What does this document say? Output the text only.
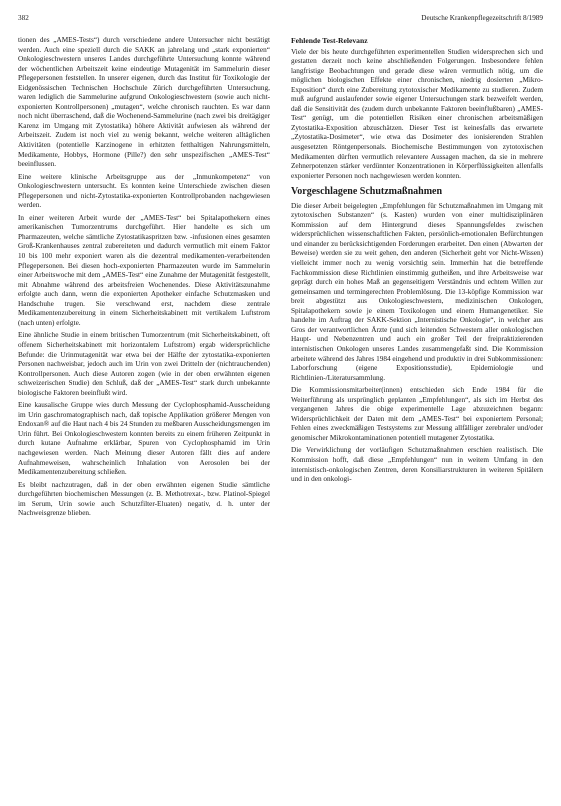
382	Deutsche Krankenpflegezeitschrift 8/1989

tionen des „AMES-Tests“) durch verschiedene andere Untersucher nicht bestätigt werden. Auch eine speziell durch die SAKK an jahrelang und „stark exponierten“ Onkologieschwestern unseres Landes durchgeführte Untersuchung konnte während der wöchentlichen Arbeitszeit keine eindeutige Mutagenität im Sammelurin dieser Pflegepersonen feststellen. In unserer eigenen, durch das Institut für Toxikologie der Eidgenössischen Technischen Hochschule Zürich durchgeführten Untersuchung, waren lediglich die Sammelurine aufgrund Onkologieschwestern (sowie auch nicht-exponierten Kontrollpersonen) „mutagen“, welche chronisch rauchten. Es war dann noch nicht überraschend, daß die Wochenend-Sammelurine (nach zwei bis dreitägiger Karenz im Umgang mit Zytostatika) höhere Aktivität aufwiesen als während der Arbeitszeit. Zudem ist noch viel zu wenig bekannt, welche weiteren alltäglichen Aktivitäten (potentielle Karzinogene in erhitzten fetthaltigen Nahrungsmitteln, Medikamente, Hobbys, Hormone (Pille?) den sehr unspezifischen „AMES-Test“ beeinflussen.

Eine weitere klinische Arbeitsgruppe aus der „Inmunkompetenz“ von Onkologieschwestern untersucht. Es konnten keine Unterschiede zwischen diesen Pflegepersonen und nicht-Zytostatika-exponierten Kontrollprobanden nachgewiesen werden.

In einer weiteren Arbeit wurde der „AMES-Test“ bei Spitalapothekern eines amerikanischen Tumorzentrums durchgeführt. Hier handelte es sich um Pharmazeuten, welche sämtliche Zytostatikaspritzen bzw. -infusionen eines gesamten Groß-Krankenhauses zentral zubereiteten und dadurch vermutlich mit einem Faktor 10 bis 100 mehr exponiert waren als die dezentral medikamenten-verarbeitenden Pflegepersonen. Bei diesen hoch-exponierten Pharmazeuten wurde im Sammelurin einer Arbeitswoche mit dem „AMES-Test“ eine Zunahme der Mutagenität festgestellt, mit Abnahme während des arbeitsfreien Wochenendes. Diese Aktivitätszunahme erfolgte auch dann, wenn die exponierten Apotheker einfache Schutzmasken und Handschuhe trugen. Sie verschwand erst, nachdem diese zentrale Medikamentenzubereitung in einem Sicherheitskabinett mit vertikalem Luftstrom (nach unten) erfolgte.

Eine ähnliche Studie in einem britischen Tumorzentrum (mit Sicherheitskabinett, oft offenem Sicherheitskabinett mit horizontalem Luftstrom) ergab widersprüchliche Befunde: die Urinmutagenität war etwa bei der Hälfte der zytostatika-exponierten Personen nachweisbar, jedoch auch im Urin von zwei Dritteln der (nichtrauchenden) Kontrollpersonen. Auch diese Autoren zogen (wie in der oben erwähnten eigenen schweizerischen Studie) den Schluß, daß der „AMES-Test“ stark durch unbekannte biologische Faktoren beeinflußt wird.

Eine kausalische Gruppe wies durch Messung der Cyclophosphamid-Ausscheidung im Urin gaschromatographisch nach, daß topische Applikation größerer Mengen von Endoxan® auf die Haut nach 4 bis 24 Stunden zu meßbaren Ausscheidungsmengen im Urin führt. Bei Onkologieschwestern konnten bereits zu einem früheren Zeitpunkt in durch kutane Aufnahme erklärbar, Spuren von Cyclophosphamid im Urin nachgewiesen werden. Nach Meinung dieser Autoren fällt dies auf andere Aufnahmeweisen, wahrscheinlich Inhalation von Aerosolen bei der Medikamentenzubereitung schließen.

Es bleibt nachzutragen, daß in der oben erwähnten eigenen Studie sämtliche durchgeführten biochemischen Messungen (z. B. Methotrexat-, bzw. Platinol-Spiegel im Serum, Urin sowie auch Schutzfilter-Eluaten) negativ, d. h. unter der Nachweisgrenze blieben.

Fehlende Test-Relevanz

Viele der bis heute durchgeführten experimentellen Studien widersprechen sich und gestatten derzeit noch keine abschließenden Folgerungen. Insbesondere fehlen langfristige Beobachtungen und gerade diese wären vermutlich nötig, um die möglichen biologischen Effekte einer chronischen, niedrig dosierten „Mikro-Exposition“ durch eine Zubereitung zytotoxischer Medikamente zu studieren. Zudem muß aufgrund auslaufender sowie eigener Untersuchungen stark bezweifelt werden, daß die Sensitivität des (zudem durch unbekannte Faktoren beeinflußbaren) „AMES-Test“ genügt, um die potentiellen Risiken einer chronischen arbeitsmäßigen Zytostatika-Exposition abzuschätzen. Dieser Test ist keinesfalls das erwartete „Zytostatika-Dosimeter“, wie etwa das Dosimeter des ionisierenden Strahlen ausgesetzten Röntgenpersonals. Biochemische Bestimmungen von zytotoxischen Medikamenten dürften vermutlich relevantere Aussagen machen, da sie in mehrere Zehnerpotenzen stärker verdünnter Konzentrationen in Körperflüssigkeiten allenfalls exponierter Personen noch nachgewiesen werden konnten.

Vorgeschlagene Schutzmaßnahmen

Die dieser Arbeit beigelegten „Empfehlungen für Schutzmaßnahmen im Umgang mit zytotoxischen Substanzen“ (s. Kasten) wurden von einer multidisziplinären Kommission auf dem Hintergrund dieses Spannungsfeldes zwischen widersprüchlichen wissenschaftlichen Fakten, persönlich-emotionalen Befürchtungen und einander zu berücksichtigenden Forderungen erarbeitet. Den einen (Abwarten der Beweise) werden sie zu weit gehen, den anderen (Sicherheit geht vor Nicht-Wissen) vielleicht immer noch zu wenig vorsichtig sein. Immerhin hat die betreffende Fachkommission diese Richtlinien einstimmig gutheißen, und ihre Arbeitsweise war geprägt durch ein hohes Maß an gegenseitigem Verständnis und echtem Willen zur gemeinsamen und termingerechten Problemlösung. Die 13-köpfige Kommission war breit abgestützt aus Onkologieschwestern, medizinischen Onkologen, Spitalapothekern sowie je einem Toxikologen und einem Humangenetiker. Sie handelte im Auftrag der SAKK-Sektion „Internistische Onkologie“, in welcher aus Gros der verantwortlichen Ärzte (und sich leitenden Schwestern aller onkologischen Haupt- und Nebenzentren und auch ein großer Teil der freipraktizierenden internistischen Onkologen unseres Landes zusammengefaßt sind. Die Kommission arbeitete während des Jahres 1984 eingehend und produktiv in drei Subkommissionen: Laborforschung (eigene Expositionsstudie), Epidemiologie und Richtlinien-/Literatursammlung.

Die Kommissionsmitarbeiter(innen) entschieden sich Ende 1984 für die Weiterführung als ursprünglich geplanten „Empfehlungen“, als sich im Herbst des vergangenen Jahres die obige experimentelle Lage abzuzeichnen begann: Widersprüchlichkeit der Daten mit dem „AMES-Test“ bei exponiertem Personal; Fehlen eines zweckmäßigen Testsystems zur Messung allfälliger zerebraler und/oder genomischer Mikrokontaminationen potentiell mutagener Zytostatika.

Die Verwirklichung der vorläufigen Schutzmaßnahmen erschien realistisch. Die Kommission hofft, daß diese „Empfehlungen“ nun in weitem Umfang in den internistisch-onkologischen Zentren, deren Konsiliarstrukturen in weiteren Spitälern und in den onkologi-
